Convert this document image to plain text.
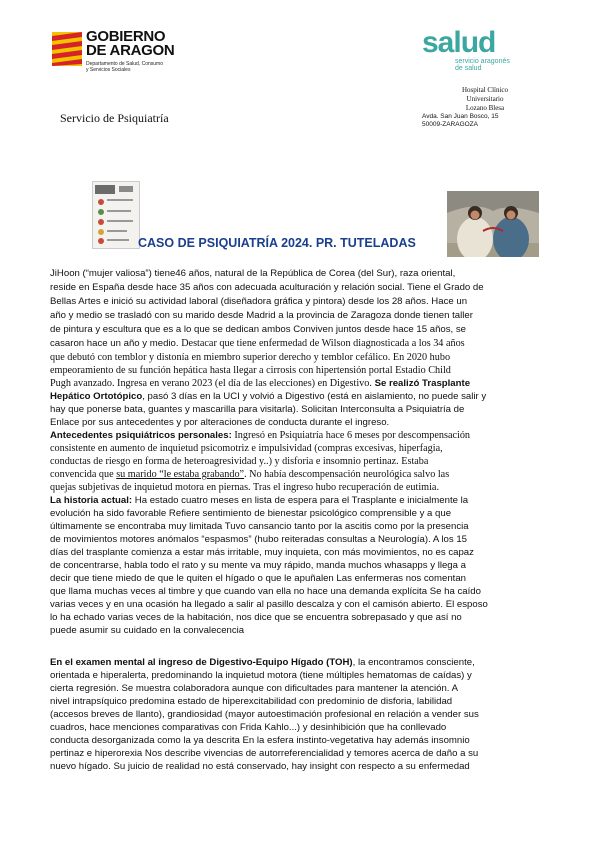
GOBIERNO
DE ARAGON
Departamento de Salud, Consumo
y Servicios Sociales
salud
servicio aragonés
de salud
Servicio de Psiquiatría
Hospital Clínico
Universitario
Lozano Blesa
Avda. San Juan Bosco, 15
50009-ZARAGOZA
CASO DE PSIQUIATRÍA 2024. PR. TUTELADAS
JiHoon (“mujer valiosa”) tiene46 años, natural de la República de Corea (del Sur), raza oriental,
reside en España desde hace 35 años con adecuada aculturación y relación social. Tiene el Grado de
Bellas Artes e inició su actividad laboral (diseñadora gráfica y pintora) desde los 28 años. Hace un
año y medio se trasladó con su marido desde Madrid a la provincia de Zaragoza donde tienen taller
de pintura y escultura que es a lo que se dedican ambos Conviven juntos desde hace 15 años, se
casaron hace un año y medio. Destacar que tiene enfermedad de Wilson diagnosticada a los 34 años
que debutó con temblor y distonía en miembro superior derecho y temblor cefálico. En 2020 hubo
empeoramiento de su función hepática hasta llegar a cirrosis con hipertensión portal Estadio Child
Pugh avanzado. Ingresa en verano 2023 (el día de las elecciones) en Digestivo. Se realizó Trasplante
Hepático Ortotópico, pasó 3 días en la UCI y volvió a Digestivo (está en aislamiento, no puede salir y
hay que ponerse bata, guantes y mascarilla para visitarla). Solicitan Interconsulta a Psiquiatría de
Enlace por sus antecedentes y por alteraciones de conducta durante el ingreso.
Antecedentes psiquiátricos personales: Ingresó en Psiquiatría hace 6 meses por descompensación
consistente en aumento de inquietud psicomotriz e impulsividad (compras excesivas, hiperfagia,
conductas de riesgo en forma de heteroagresividad y..) y disforia e insomnio pertinaz. Estaba
convencida que su marido “le estaba grabando”. No había descompensación neurológica salvo las
quejas subjetivas de inquietud motora en piernas. Tras el ingreso hubo recuperación de eutimia.
La historia actual: Ha estado cuatro meses en lista de espera para el Trasplante e inicialmente la
evolución ha sido favorable Refiere sentimiento de bienestar psicológico comprensible y a que
últimamente se encontraba muy limitada Tuvo cansancio tanto por la ascitis como por la presencia
de movimientos motores anómalos “espasmos” (hubo reiteradas consultas a Neurología). A los 15
días del trasplante comienza a estar más irritable, muy inquieta, con más movimientos, no es capaz
de concentrarse, habla todo el rato y su mente va muy rápido, manda muchos whasapps y llega a
decir que tiene miedo de que le quiten el hígado o que le apuñalen Las enfermeras nos comentan
que llama muchas veces al timbre y que cuando van ella no hace una demanda explícita Se ha caído
varias veces y en una ocasión ha llegado a salir al pasillo descalza y con el camisón abierto. El esposo
lo ha echado varias veces de la habitación, nos dice que se encuentra sobrepasado y que así no
puede asumir su cuidado en la convalecencia
En el examen mental al ingreso de Digestivo-Equipo Hígado (TOH), la encontramos consciente,
orientada e hiperalerta, predominando la inquietud motora (tiene múltiples hematomas de caídas) y
cierta regresión. Se muestra colaboradora aunque con dificultades para mantener la atención. A
nivel intrapsíquico predomina estado de hiperexcitabilidad con predominio de disforia, labilidad
(accesos breves de llanto), grandiosidad (mayor autoestimación profesional en relación a vender sus
cuadros, hace menciones comparativas con Frida Kahlo...) y desinhibición que ha conllevado
conducta desorganizada como la ya descrita En la esfera instinto-vegetativa hay además insomnio
pertinaz e hiperorexia Nos describe vivencias de autorreferencialidad y temores acerca de daño a su
nuevo hígado. Su juicio de realidad no está conservado, hay insight con respecto a su enfermedad
